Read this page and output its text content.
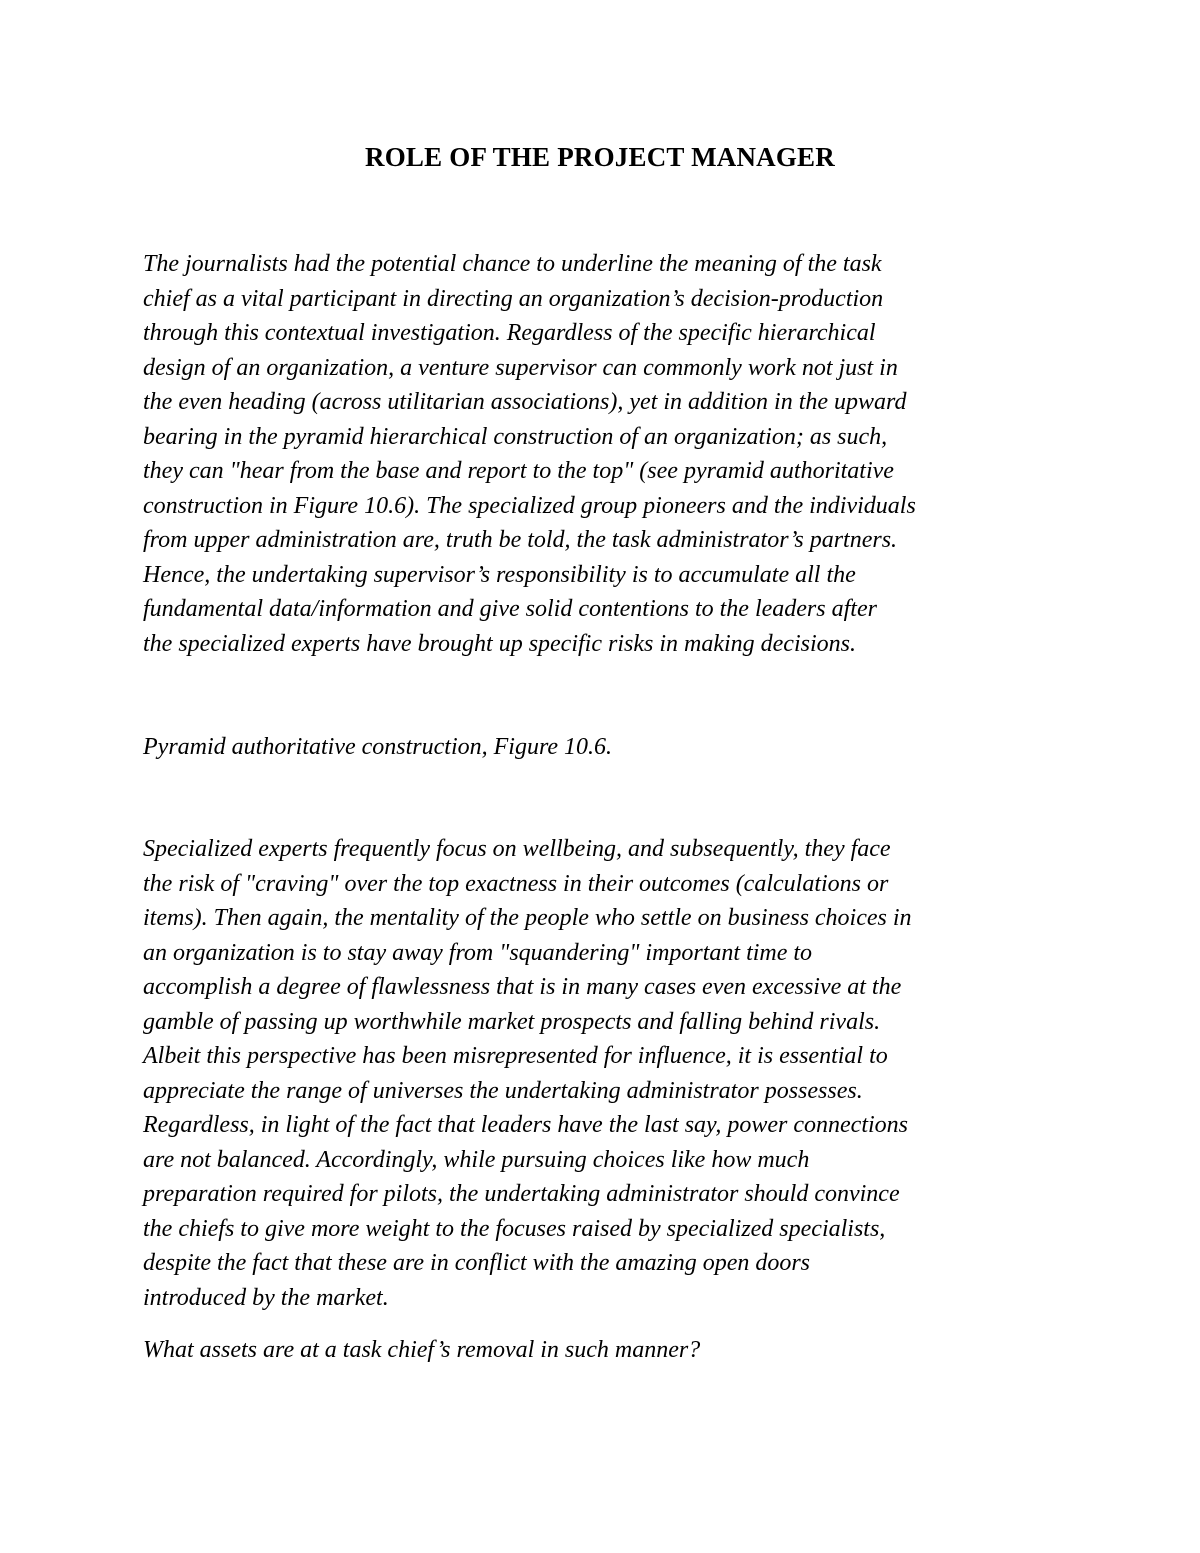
ROLE OF THE PROJECT MANAGER
The journalists had the potential chance to underline the meaning of the task
chief as a vital participant in directing an organization’s decision-production
through this contextual investigation. Regardless of the specific hierarchical
design of an organization, a venture supervisor can commonly work not just in
the even heading (across utilitarian associations), yet in addition in the upward
bearing in the pyramid hierarchical construction of an organization; as such,
they can "hear from the base and report to the top" (see pyramid authoritative
construction in Figure 10.6). The specialized group pioneers and the individuals
from upper administration are, truth be told, the task administrator’s partners.
Hence, the undertaking supervisor’s responsibility is to accumulate all the
fundamental data/information and give solid contentions to the leaders after
the specialized experts have brought up specific risks in making decisions.
Pyramid authoritative construction, Figure 10.6.
Specialized experts frequently focus on wellbeing, and subsequently, they face
the risk of "craving" over the top exactness in their outcomes (calculations or
items). Then again, the mentality of the people who settle on business choices in
an organization is to stay away from "squandering" important time to
accomplish a degree of flawlessness that is in many cases even excessive at the
gamble of passing up worthwhile market prospects and falling behind rivals.
Albeit this perspective has been misrepresented for influence, it is essential to
appreciate the range of universes the undertaking administrator possesses.
Regardless, in light of the fact that leaders have the last say, power connections
are not balanced. Accordingly, while pursuing choices like how much
preparation required for pilots, the undertaking administrator should convince
the chiefs to give more weight to the focuses raised by specialized specialists,
despite the fact that these are in conflict with the amazing open doors
introduced by the market.
What assets are at a task chief’s removal in such manner?
